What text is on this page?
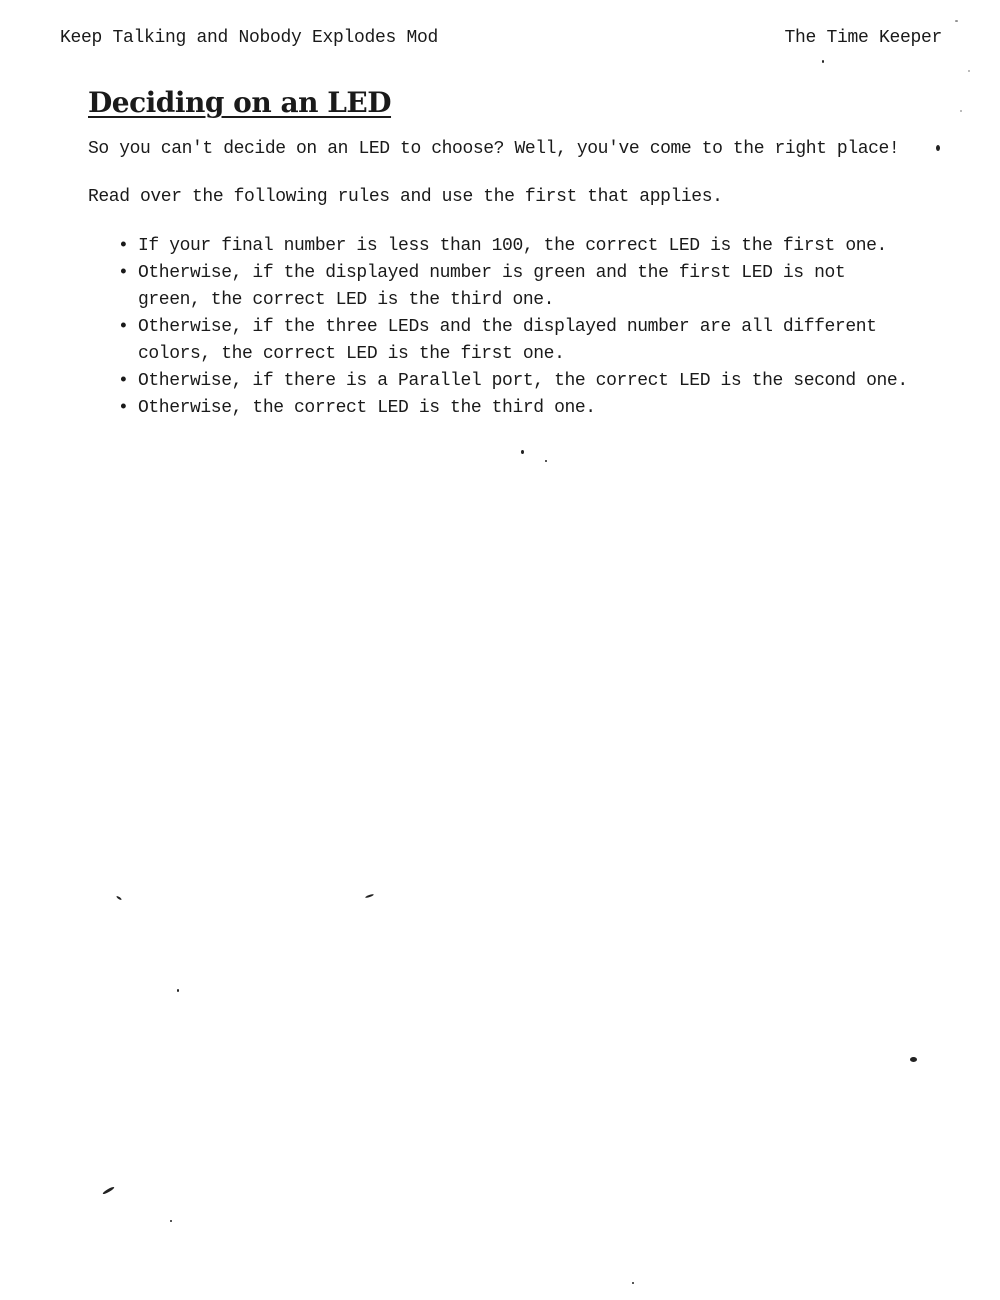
Keep Talking and Nobody Explodes Mod	The Time Keeper
Deciding on an LED

So you can't decide on an LED to choose? Well, you've come to the right place!

Read over the following rules and use the first that applies.

• If your final number is less than 100, the correct LED is the first one.
• Otherwise, if the displayed number is green and the first LED is not green, the correct LED is the third one.
• Otherwise, if the three LEDs and the displayed number are all different colors, the correct LED is the first one.
• Otherwise, if there is a Parallel port, the correct LED is the second one.
• Otherwise, the correct LED is the third one.
